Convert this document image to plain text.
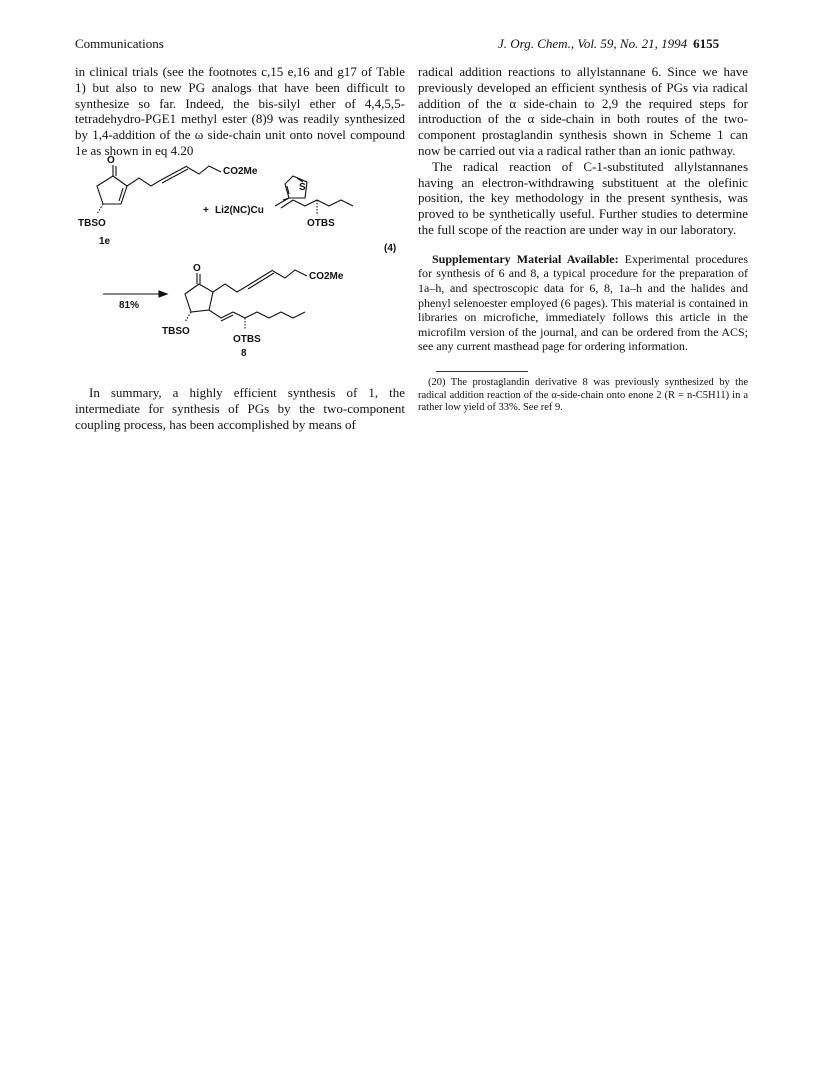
Communications	J. Org. Chem., Vol. 59, No. 21, 1994 6155

in clinical trials (see the footnotes c,15 e,16 and g17 of Table 1) but also to new PG analogs that have been difficult to synthesize so far. Indeed, the bis-silyl ether of 4,4,5,5-tetradehydro-PGE1 methyl ester (8)9 was readily synthesized by 1,4-addition of the ω side-chain unit onto novel compound 1e as shown in eq 4.20

O
CO2Me
TBSO
1e
+ Li2(NC)Cu
S
OTBS
(4)
81%
O
CO2Me
TBSO
OTBS
8

In summary, a highly efficient synthesis of 1, the intermediate for synthesis of PGs by the two-component coupling process, has been accomplished by means of

radical addition reactions to allylstannane 6. Since we have previously developed an efficient synthesis of PGs via radical addition of the α side-chain to 2,9 the required steps for introduction of the α side-chain in both routes of the two-component prostaglandin synthesis shown in Scheme 1 can now be carried out via a radical rather than an ionic pathway.

The radical reaction of C-1-substituted allylstannanes having an electron-withdrawing substituent at the olefinic position, the key methodology in the present synthesis, was proved to be synthetically useful. Further studies to determine the full scope of the reaction are under way in our laboratory.

Supplementary Material Available: Experimental procedures for synthesis of 6 and 8, a typical procedure for the preparation of 1a–h, and spectroscopic data for 6, 8, 1a–h and the halides and phenyl selenoester employed (6 pages). This material is contained in libraries on microfiche, immediately follows this article in the microfilm version of the journal, and can be ordered from the ACS; see any current masthead page for ordering information.

(20) The prostaglandin derivative 8 was previously synthesized by the radical addition reaction of the α-side-chain onto enone 2 (R = n-C5H11) in a rather low yield of 33%. See ref 9.
